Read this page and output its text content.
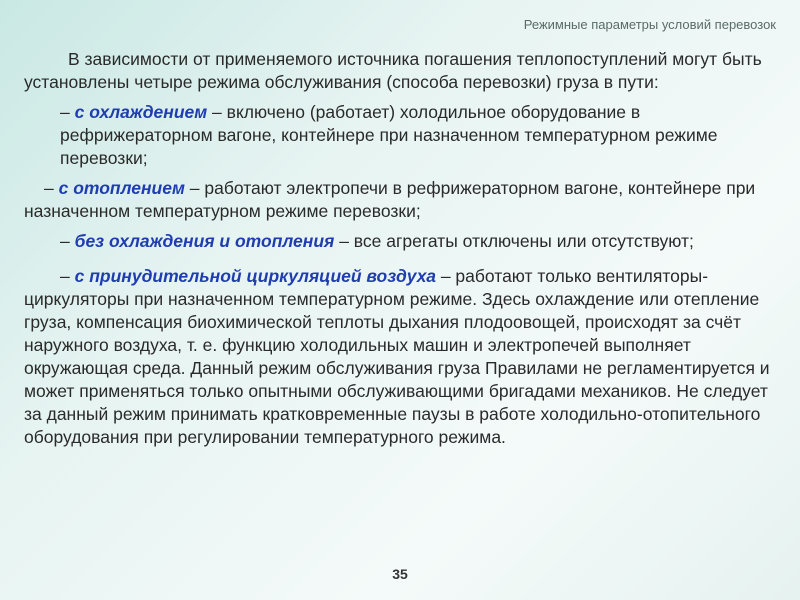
Режимные параметры условий перевозок

В зависимости от применяемого источника погашения теплопоступлений могут быть установлены четыре режима обслуживания (способа перевозки) груза в пути:

– с охлаждением – включено (работает) холодильное оборудование в рефрижераторном вагоне, контейнере при назначенном температурном режиме перевозки;

– с отоплением – работают электропечи в рефрижераторном вагоне, контейнере при назначенном температурном режиме перевозки;

– без охлаждения и отопления – все агрегаты отключены или отсутствуют;

– с принудительной циркуляцией воздуха – работают только вентиляторы-циркуляторы при назначенном температурном режиме. Здесь охлаждение или отепление груза, компенсация биохимической теплоты дыхания плодоовощей, происходят за счёт наружного воздуха, т. е. функцию холодильных машин и электропечей выполняет окружающая среда. Данный режим обслуживания груза Правилами не регламентируется и может применяться только опытными обслуживающими бригадами механиков. Не следует за данный режим принимать кратковременные паузы в работе холодильно-отопительного оборудования при регулировании температурного режима.

35
